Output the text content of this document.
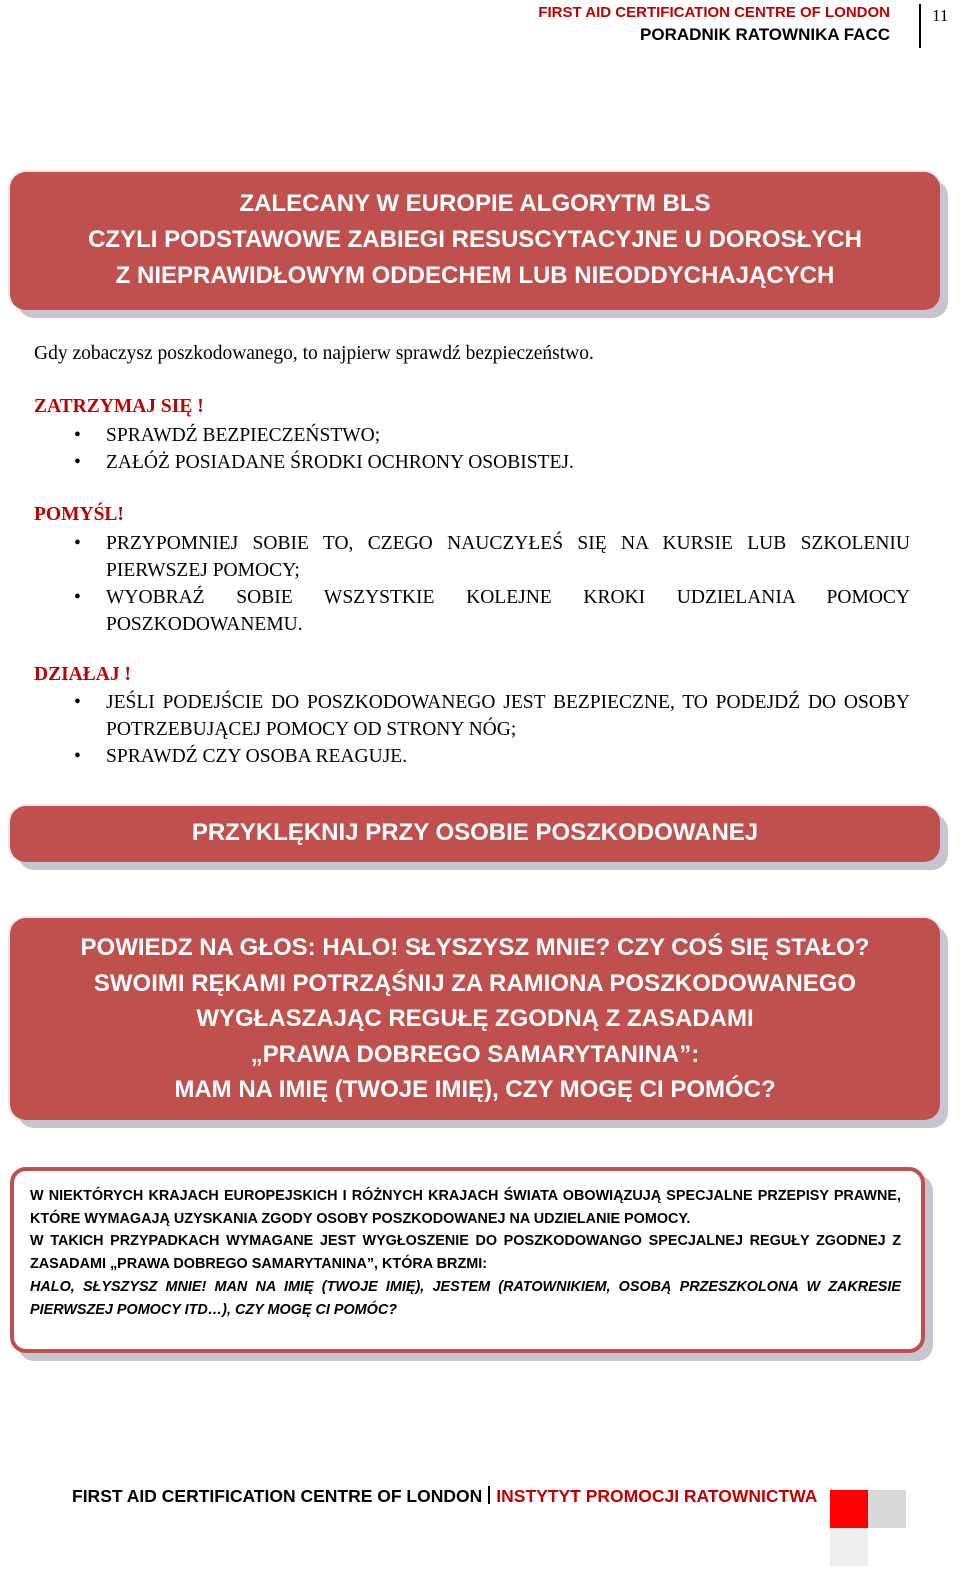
FIRST AID CERTIFICATION CENTRE OF LONDON
PORADNIK RATOWNIKA FACC
11

ZALECANY W EUROPIE ALGORYTM BLS

CZYLI PODSTAWOWE ZABIEGI RESUSCYTACYJNE U DOROSŁYCH

Z NIEPRAWIDŁOWYM ODDECHEM LUB NIEODDYCHAJĄCYCH

Gdy zobaczysz poszkodowanego, to najpierw sprawdź bezpieczeństwo.
ZATRZYMAJ SIĘ !
• SPRAWDŹ BEZPIECZEŃSTWO;
• ZAŁÓŻ POSIADANE ŚRODKI OCHRONY OSOBISTEJ.
POMYŚL!
• PRZYPOMNIEJ SOBIE TO, CZEGO NAUCZYŁEŚ SIĘ NA KURSIE LUB SZKOLENIU PIERWSZEJ POMOCY;
• WYOBRAŹ SOBIE WSZYSTKIE KOLEJNE KROKI UDZIELANIA POMOCY POSZKODOWANEMU.
DZIAŁAJ !
• JEŚLI PODEJŚCIE DO POSZKODOWANEGO JEST BEZPIECZNE, TO PODEJDŹ DO OSOBY POTRZEBUJĄCEJ POMOCY OD STRONY NÓG;
• SPRAWDŹ CZY OSOBA REAGUJE.

PRZYKLĘKNIJ PRZY OSOBIE POSZKODOWANEJ

POWIEDZ NA GŁOS: HALO! SŁYSZYSZ MNIE? CZY COŚ SIĘ STAŁO?

SWOIMI RĘKAMI POTRZĄŚNIJ ZA RAMIONA POSZKODOWANEGO

WYGŁASZAJĄC REGUŁĘ ZGODNĄ Z ZASADAMI

„PRAWA DOBREGO SAMARYTANINA”:

MAM NA IMIĘ (TWOJE IMIĘ), CZY MOGĘ CI POMÓC?

W NIEKTÓRYCH KRAJACH EUROPEJSKICH I RÓŻNYCH KRAJACH ŚWIATA OBOWIĄZUJĄ SPECJALNE PRZEPISY PRAWNE, KTÓRE WYMAGAJĄ UZYSKANIA ZGODY OSOBY POSZKODOWANEJ NA UDZIELANIE POMOCY.

W TAKICH PRZYPADKACH WYMAGANE JEST WYGŁOSZENIE DO POSZKODOWANGO SPECJALNEJ REGUŁY ZGODNEJ Z ZASADAMI „PRAWA DOBREGO SAMARYTANINA”, KTÓRA BRZMI:

HALO, SŁYSZYSZ MNIE! MAN NA IMIĘ (TWOJE IMIĘ), JESTEM (RATOWNIKIEM, OSOBĄ PRZESZKOLONA W ZAKRESIE PIERWSZEJ POMOCY ITD…), CZY MOGĘ CI POMÓC?

FIRST AID CERTIFICATION CENTRE OF LONDON INSTYTYT PROMOCJI RATOWNICTWA
